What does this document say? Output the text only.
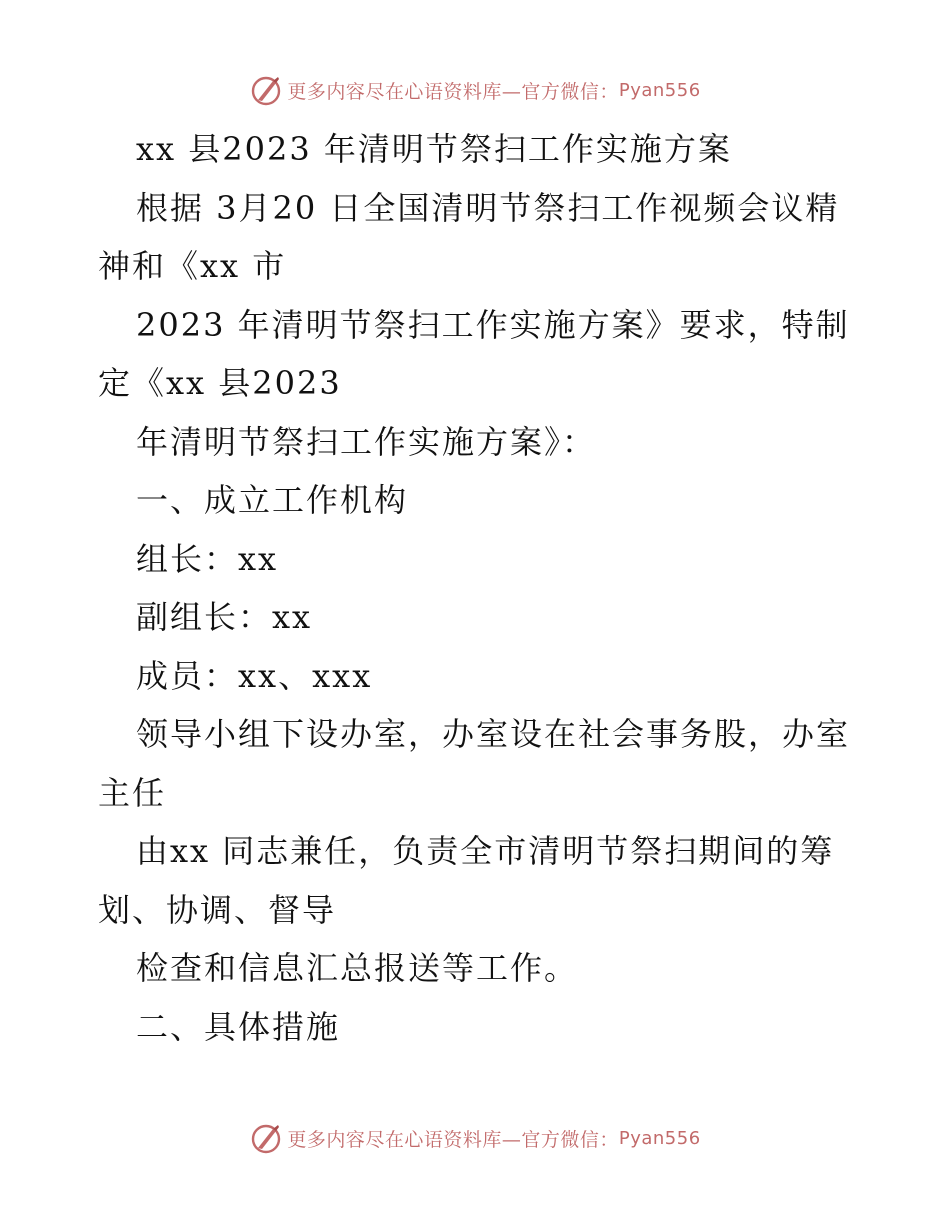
更多内容尽在心语资料库—官方微信： Pyan556
xx 县2023 年清明节祭扫工作实施方案
根据 3月20 日全国清明节祭扫工作视频会议精
神和《xx 市
2023 年清明节祭扫工作实施方案》要求，特制
定《xx 县2023
年清明节祭扫工作实施方案》：
一、成立工作机构
组长：xx
副组长：xx
成员：xx、xxx
领导小组下设办室，办室设在社会事务股，办室
主任
由xx 同志兼任，负责全市清明节祭扫期间的筹
划、协调、督导
检查和信息汇总报送等工作。
二、具体措施
更多内容尽在心语资料库—官方微信： Pyan556
